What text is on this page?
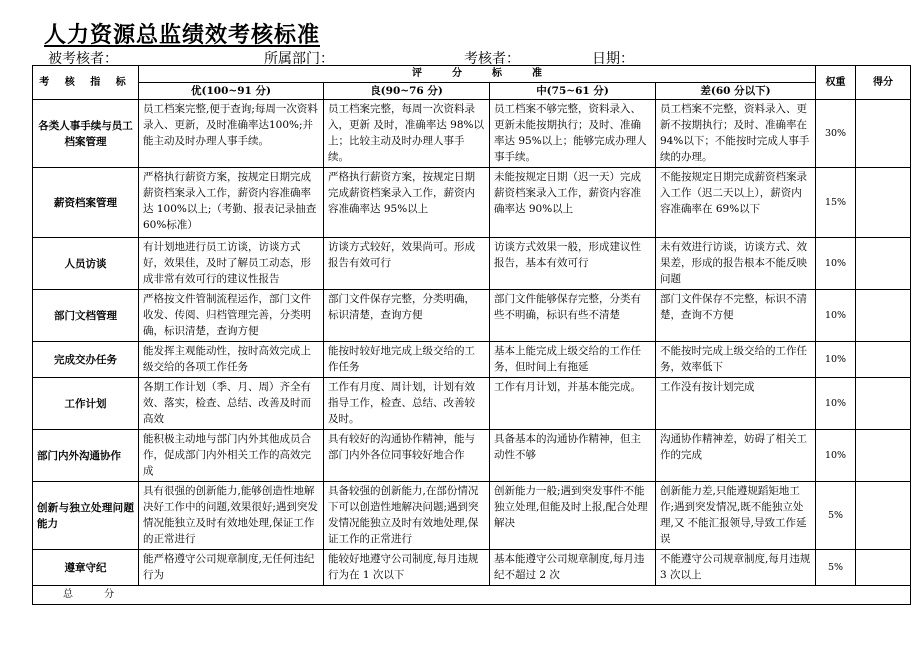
人力资源总监绩效考核标准
被考核者：	所属部门：	考核者：	日期：
考 核 指 标	评　　　分　　　标　　　准				权重	得分
	优(100~91 分)	良(90~76 分)	中(75~61 分)	差(60 分以下)		
各类人事手续与员工档案管理	员工档案完整,便于查询;每周一次资料录入、更新，及时准确率达100%;并能主动及时办理人事手续。	员工档案完整，每周一次资料录入，更新 及时，准确率达 98%以上；比较主动及时办理人事手续。	员工档案不够完整，资料录入、更新未能按期执行；及时、准确率达 95%以上；能够完成办理人事手续。	员工档案不完整，资料录入、更新不按期执行；及时、准确率在 94%以下；不能按时完成人事手续的办理。	30%	
薪资档案管理	严格执行薪资方案，按规定日期完成薪资档案录入工作，薪资内容准确率达 100%以上;（考勤、报表记录抽查 60%标准）	严格执行薪资方案，按规定日期完成薪资档案录入工作，薪资内容准确率达 95%以上	未能按规定日期（迟一天）完成薪资档案录入工作，薪资内容准确率达 90%以上	不能按规定日期完成薪资档案录入工作（迟二天以上），薪资内容准确率在 69%以下	15%	
人员访谈	有计划地进行员工访谈，访谈方式好，效果佳，及时了解员工动态，形成非常有效可行的建议性报告	访谈方式较好，效果尚可。形成报告有效可行	访谈方式效果一般，形成建议性报告，基本有效可行	未有效进行访谈，访谈方式、效果差，形成的报告根本不能反映问题	10%	
部门文档管理	严格按文件管制流程运作，部门文件收发、传阅、归档管理完善，分类明确，标识清楚，查询方便	部门文件保存完整，分类明确，标识清楚，查询方便	部门文件能够保存完整，分类有些不明确，标识有些不清楚	部门文件保存不完整，标识不清楚，查询不方便	10%	
完成交办任务	能发挥主观能动性，按时高效完成上级交给的各项工作任务	能按时较好地完成上级交给的工作任务	基本上能完成上级交给的工作任务，但时间上有拖延	不能按时完成上级交给的工作任务，效率低下	10%	
工作计划	各期工作计划（季、月、周）齐全有效、落实，检查、总结、改善及时而高效	工作有月度、周计划，计划有效指导工作，检查、总结、改善较及时。	工作有月计划，并基本能完成。	工作没有按计划完成	10%	
部门内外沟通协作	能积极主动地与部门内外其他成员合作，促成部门内外相关工作的高效完成	具有较好的沟通协作精神，能与部门内外各位同事较好地合作	具备基本的沟通协作精神，但主动性不够	沟通协作精神差，妨碍了相关工作的完成	10%	
创新与独立处理问题能力	具有很强的创新能力,能够创造性地解决好工作中的问题,效果很好;遇到突发情况能独立及时有效地处理,保证工作的正常进行	具备较强的创新能力,在部份情况下可以创造性地解决问题;遇到突发情况能独立及时有效地处理,保证工作的正常进行	创新能力一般;遇到突发事件不能独立处理,但能及时上报,配合处理解决	创新能力差,只能遵规蹈矩地工作;遇到突发情况,既不能独立处理,又 不能汇报领导,导致工作延误	5%	
遵章守纪	能严格遵守公司规章制度,无任何违纪行为	能较好地遵守公司制度,每月违规行为在 1 次以下	基本能遵守公司规章制度,每月违纪不超过 2 次	不能遵守公司规章制度,每月违规 3 次以上	5%	
总 分						
